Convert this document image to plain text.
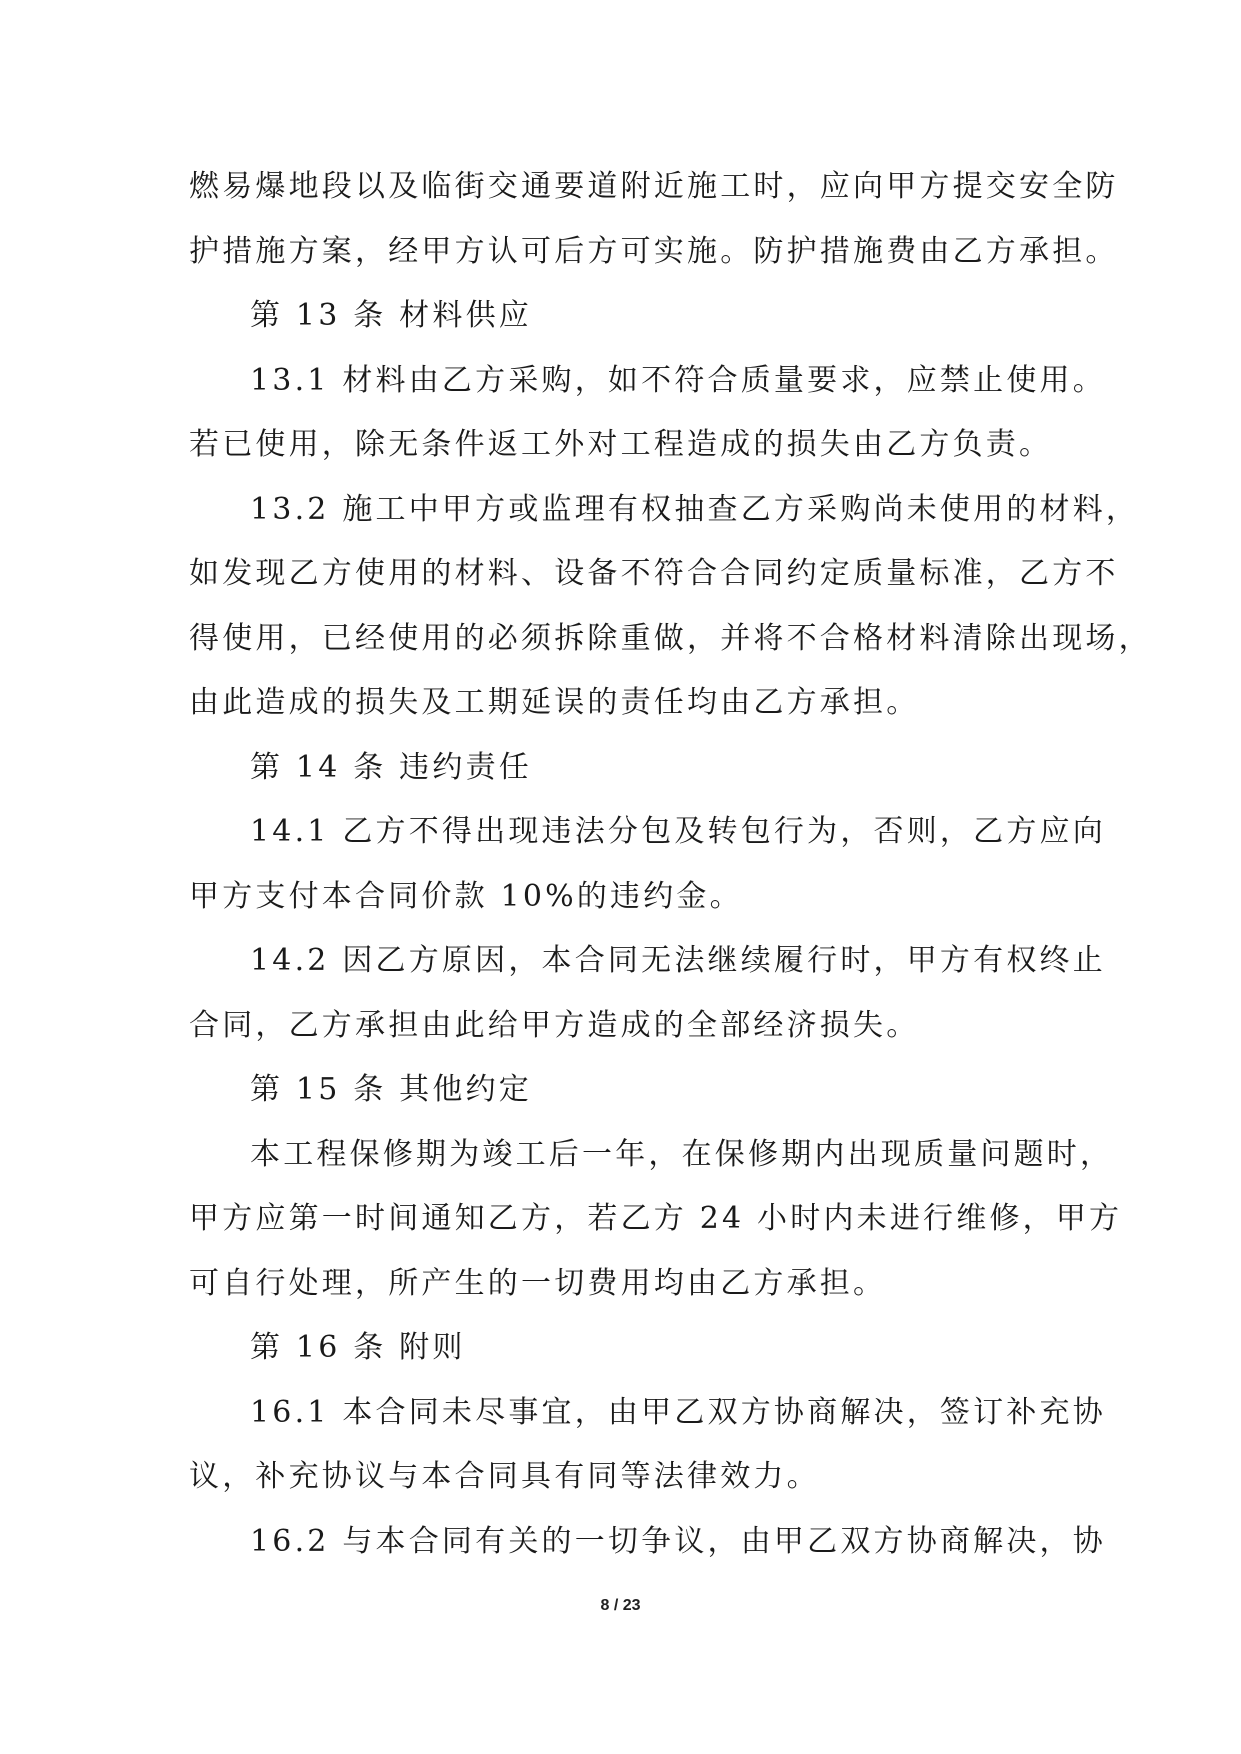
燃易爆地段以及临街交通要道附近施工时，应向甲方提交安全防
护措施方案，经甲方认可后方可实施。防护措施费由乙方承担。
第 13 条 材料供应
13.1 材料由乙方采购，如不符合质量要求，应禁止使用。
若已使用，除无条件返工外对工程造成的损失由乙方负责。
13.2 施工中甲方或监理有权抽查乙方采购尚未使用的材料，
如发现乙方使用的材料、设备不符合合同约定质量标准，乙方不
得使用，已经使用的必须拆除重做，并将不合格材料清除出现场，
由此造成的损失及工期延误的责任均由乙方承担。
第 14 条 违约责任
14.1 乙方不得出现违法分包及转包行为，否则，乙方应向
甲方支付本合同价款 10%的违约金。
14.2 因乙方原因，本合同无法继续履行时，甲方有权终止
合同，乙方承担由此给甲方造成的全部经济损失。
第 15 条 其他约定
本工程保修期为竣工后一年，在保修期内出现质量问题时，
甲方应第一时间通知乙方，若乙方 24 小时内未进行维修，甲方
可自行处理，所产生的一切费用均由乙方承担。
第 16 条 附则
16.1 本合同未尽事宜，由甲乙双方协商解决，签订补充协
议，补充协议与本合同具有同等法律效力。
16.2 与本合同有关的一切争议，由甲乙双方协商解决，协
8 / 23
